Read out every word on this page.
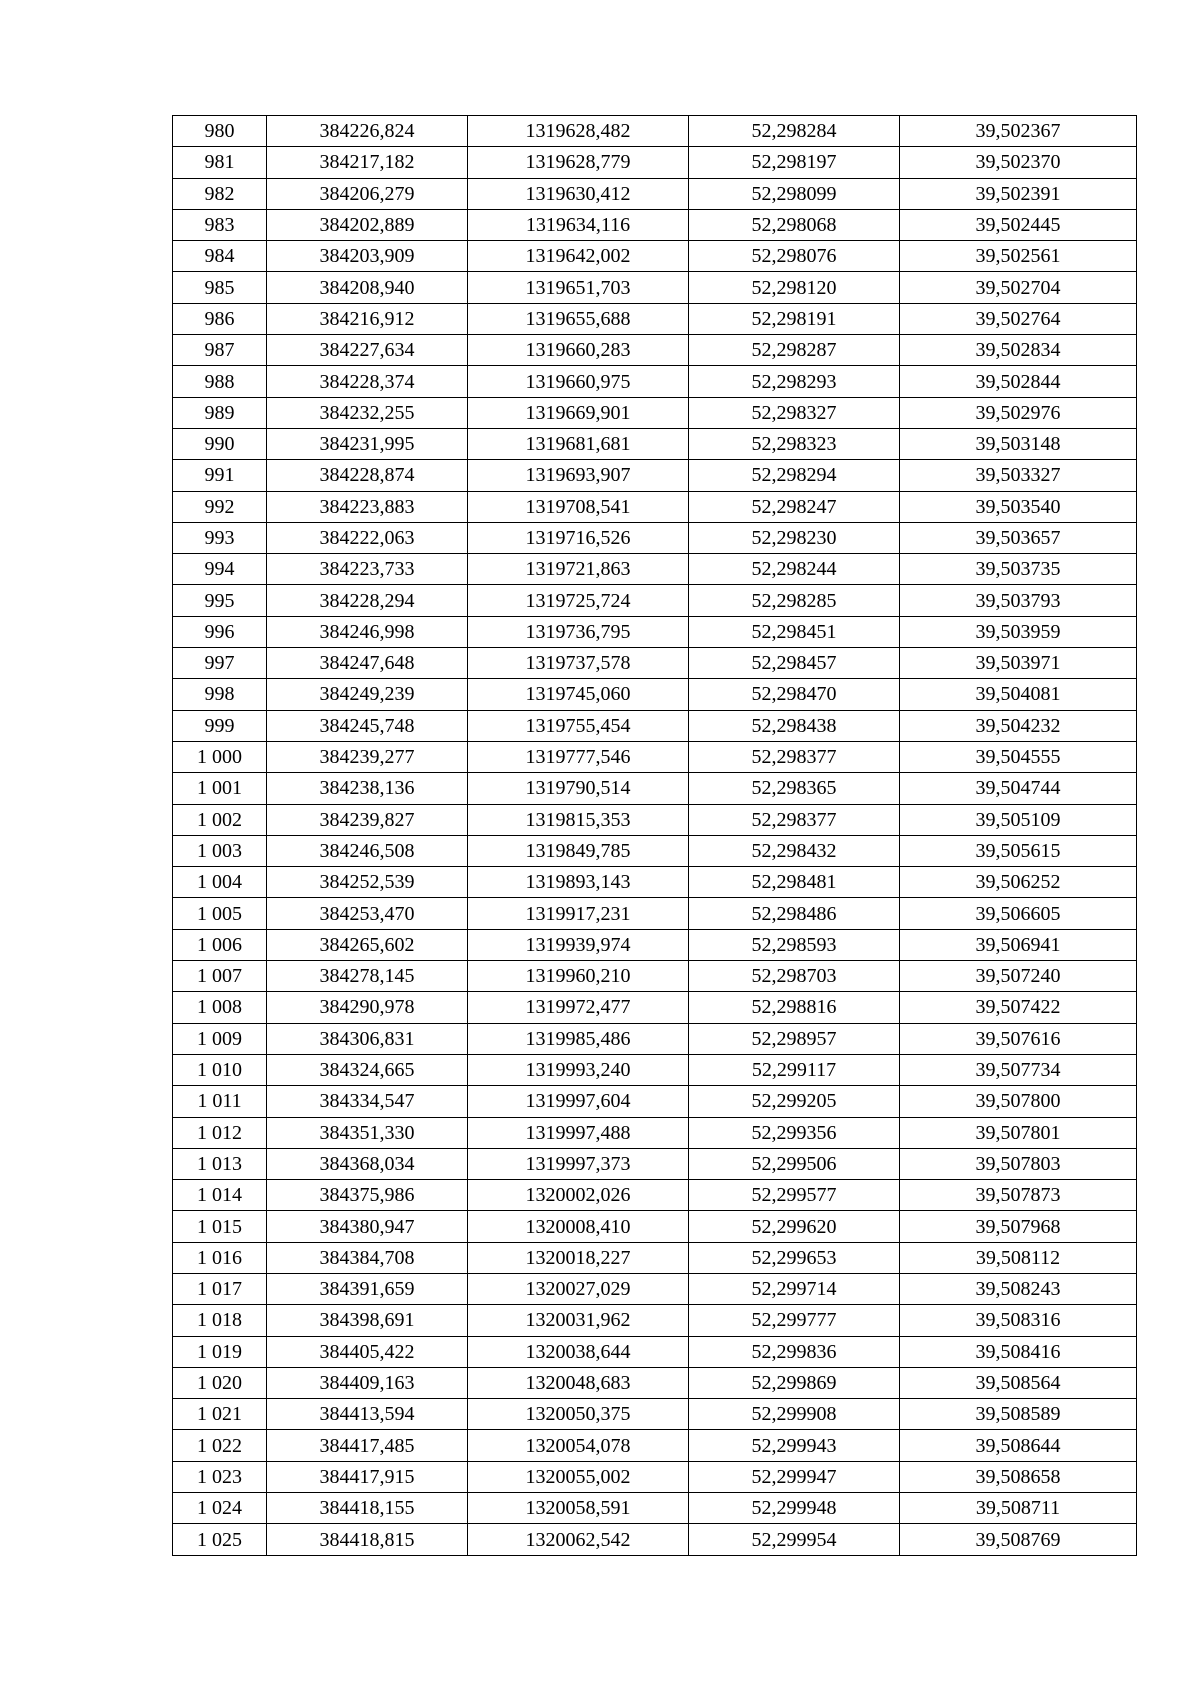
980	384226,824	1319628,482	52,298284	39,502367
981	384217,182	1319628,779	52,298197	39,502370
982	384206,279	1319630,412	52,298099	39,502391
983	384202,889	1319634,116	52,298068	39,502445
984	384203,909	1319642,002	52,298076	39,502561
985	384208,940	1319651,703	52,298120	39,502704
986	384216,912	1319655,688	52,298191	39,502764
987	384227,634	1319660,283	52,298287	39,502834
988	384228,374	1319660,975	52,298293	39,502844
989	384232,255	1319669,901	52,298327	39,502976
990	384231,995	1319681,681	52,298323	39,503148
991	384228,874	1319693,907	52,298294	39,503327
992	384223,883	1319708,541	52,298247	39,503540
993	384222,063	1319716,526	52,298230	39,503657
994	384223,733	1319721,863	52,298244	39,503735
995	384228,294	1319725,724	52,298285	39,503793
996	384246,998	1319736,795	52,298451	39,503959
997	384247,648	1319737,578	52,298457	39,503971
998	384249,239	1319745,060	52,298470	39,504081
999	384245,748	1319755,454	52,298438	39,504232
1 000	384239,277	1319777,546	52,298377	39,504555
1 001	384238,136	1319790,514	52,298365	39,504744
1 002	384239,827	1319815,353	52,298377	39,505109
1 003	384246,508	1319849,785	52,298432	39,505615
1 004	384252,539	1319893,143	52,298481	39,506252
1 005	384253,470	1319917,231	52,298486	39,506605
1 006	384265,602	1319939,974	52,298593	39,506941
1 007	384278,145	1319960,210	52,298703	39,507240
1 008	384290,978	1319972,477	52,298816	39,507422
1 009	384306,831	1319985,486	52,298957	39,507616
1 010	384324,665	1319993,240	52,299117	39,507734
1 011	384334,547	1319997,604	52,299205	39,507800
1 012	384351,330	1319997,488	52,299356	39,507801
1 013	384368,034	1319997,373	52,299506	39,507803
1 014	384375,986	1320002,026	52,299577	39,507873
1 015	384380,947	1320008,410	52,299620	39,507968
1 016	384384,708	1320018,227	52,299653	39,508112
1 017	384391,659	1320027,029	52,299714	39,508243
1 018	384398,691	1320031,962	52,299777	39,508316
1 019	384405,422	1320038,644	52,299836	39,508416
1 020	384409,163	1320048,683	52,299869	39,508564
1 021	384413,594	1320050,375	52,299908	39,508589
1 022	384417,485	1320054,078	52,299943	39,508644
1 023	384417,915	1320055,002	52,299947	39,508658
1 024	384418,155	1320058,591	52,299948	39,508711
1 025	384418,815	1320062,542	52,299954	39,508769
